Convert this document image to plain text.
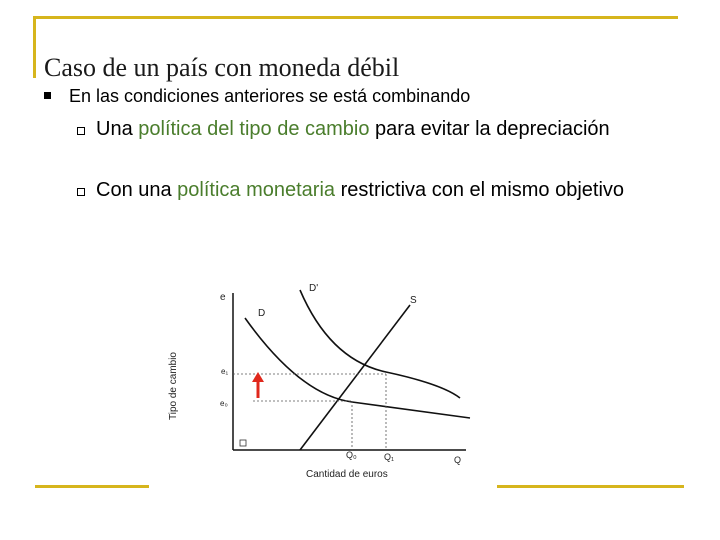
Caso de un país con moneda débil
En las condiciones anteriores se está combinando
Una política del tipo de cambio para evitar la depreciación
Con una política monetaria restrictiva con el mismo objetivo
e
D
D'
S
e₁
e₀
Q₀	Q₁	Q
Cantidad de euros
Tipo de cambio
